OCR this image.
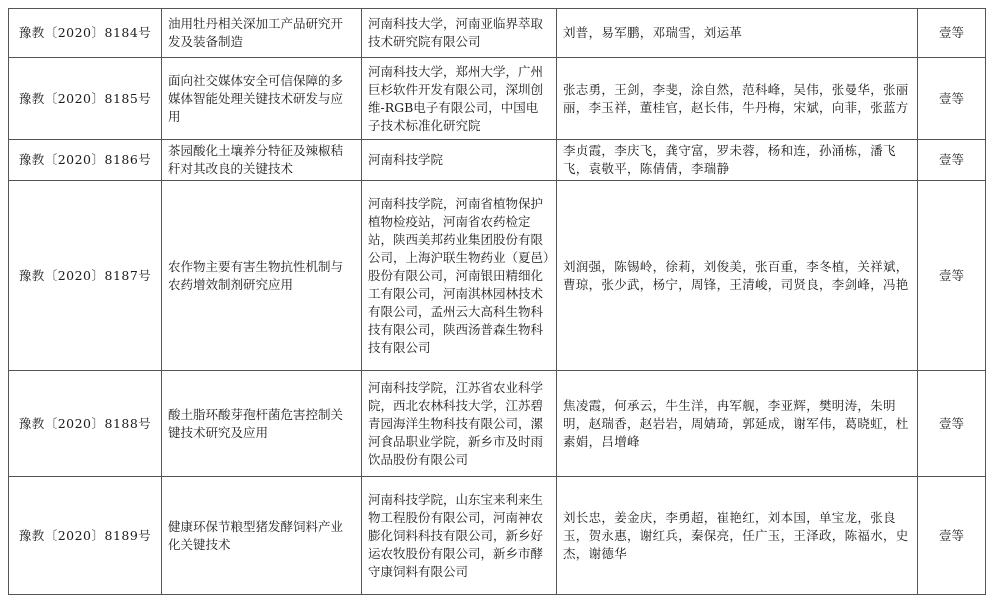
豫教〔2020〕8184号	油用牡丹相关深加工产品研究开发及装备制造	河南科技大学，河南亚临界萃取技术研究院有限公司	刘普，易军鹏，邓瑞雪，刘运革	壹等
豫教〔2020〕8185号	面向社交媒体安全可信保障的多媒体智能处理关键技术研发与应用	河南科技大学，郑州大学，广州巨杉软件开发有限公司，深圳创维-RGB电子有限公司，中国电子技术标准化研究院	张志勇，王剑，李斐，涂自然，范科峰，吴伟，张曼华，张丽丽，李玉祥，董桂官，赵长伟，牛丹梅，宋斌，向菲，张蓝方	壹等
豫教〔2020〕8186号	茶园酸化土壤养分特征及辣椒秸秆对其改良的关键技术	河南科技学院	李贞霞，李庆飞，龚守富，罗未蓉，杨和连，孙涌栋，潘飞飞，袁敬平，陈倩倩，李瑞静	壹等
豫教〔2020〕8187号	农作物主要有害生物抗性机制与农药增效制剂研究应用	河南科技学院，河南省植物保护植物检疫站，河南省农药检定站，陕西美邦药业集团股份有限公司，上海沪联生物药业（夏邑）股份有限公司，河南银田精细化工有限公司，河南淇林园林技术有限公司，孟州云大高科生物科技有限公司，陕西汤普森生物科技有限公司	刘润强，陈锡岭，徐莉，刘俊美，张百重，李冬植，关祥斌，曹琼，张少武，杨宁，周锋，王清峻，司贤良，李剑峰，冯艳	壹等
豫教〔2020〕8188号	酸土脂环酸芽孢杆菌危害控制关键技术研究及应用	河南科技学院，江苏省农业科学院，西北农林科技大学，江苏碧青园海洋生物科技有限公司，漯河食品职业学院，新乡市及时雨饮品股份有限公司	焦凌霞，何承云，牛生洋，冉军舰，李亚辉，樊明涛，朱明明，赵瑞香，赵岩岩，周婧琦，郭延成，谢军伟，葛晓虹，杜素娟，吕增峰	壹等
豫教〔2020〕8189号	健康环保节粮型猪发酵饲料产业化关键技术	河南科技学院，山东宝来利来生物工程股份有限公司，河南神农膨化饲料科技有限公司，新乡好运农牧股份有限公司，新乡市酵守康饲料有限公司	刘长忠，姜金庆，李勇超，崔艳红，刘本国，单宝龙，张良玉，贺永惠，谢红兵，秦保亮，任广玉，王泽政，陈福水，史杰，谢德华	壹等
